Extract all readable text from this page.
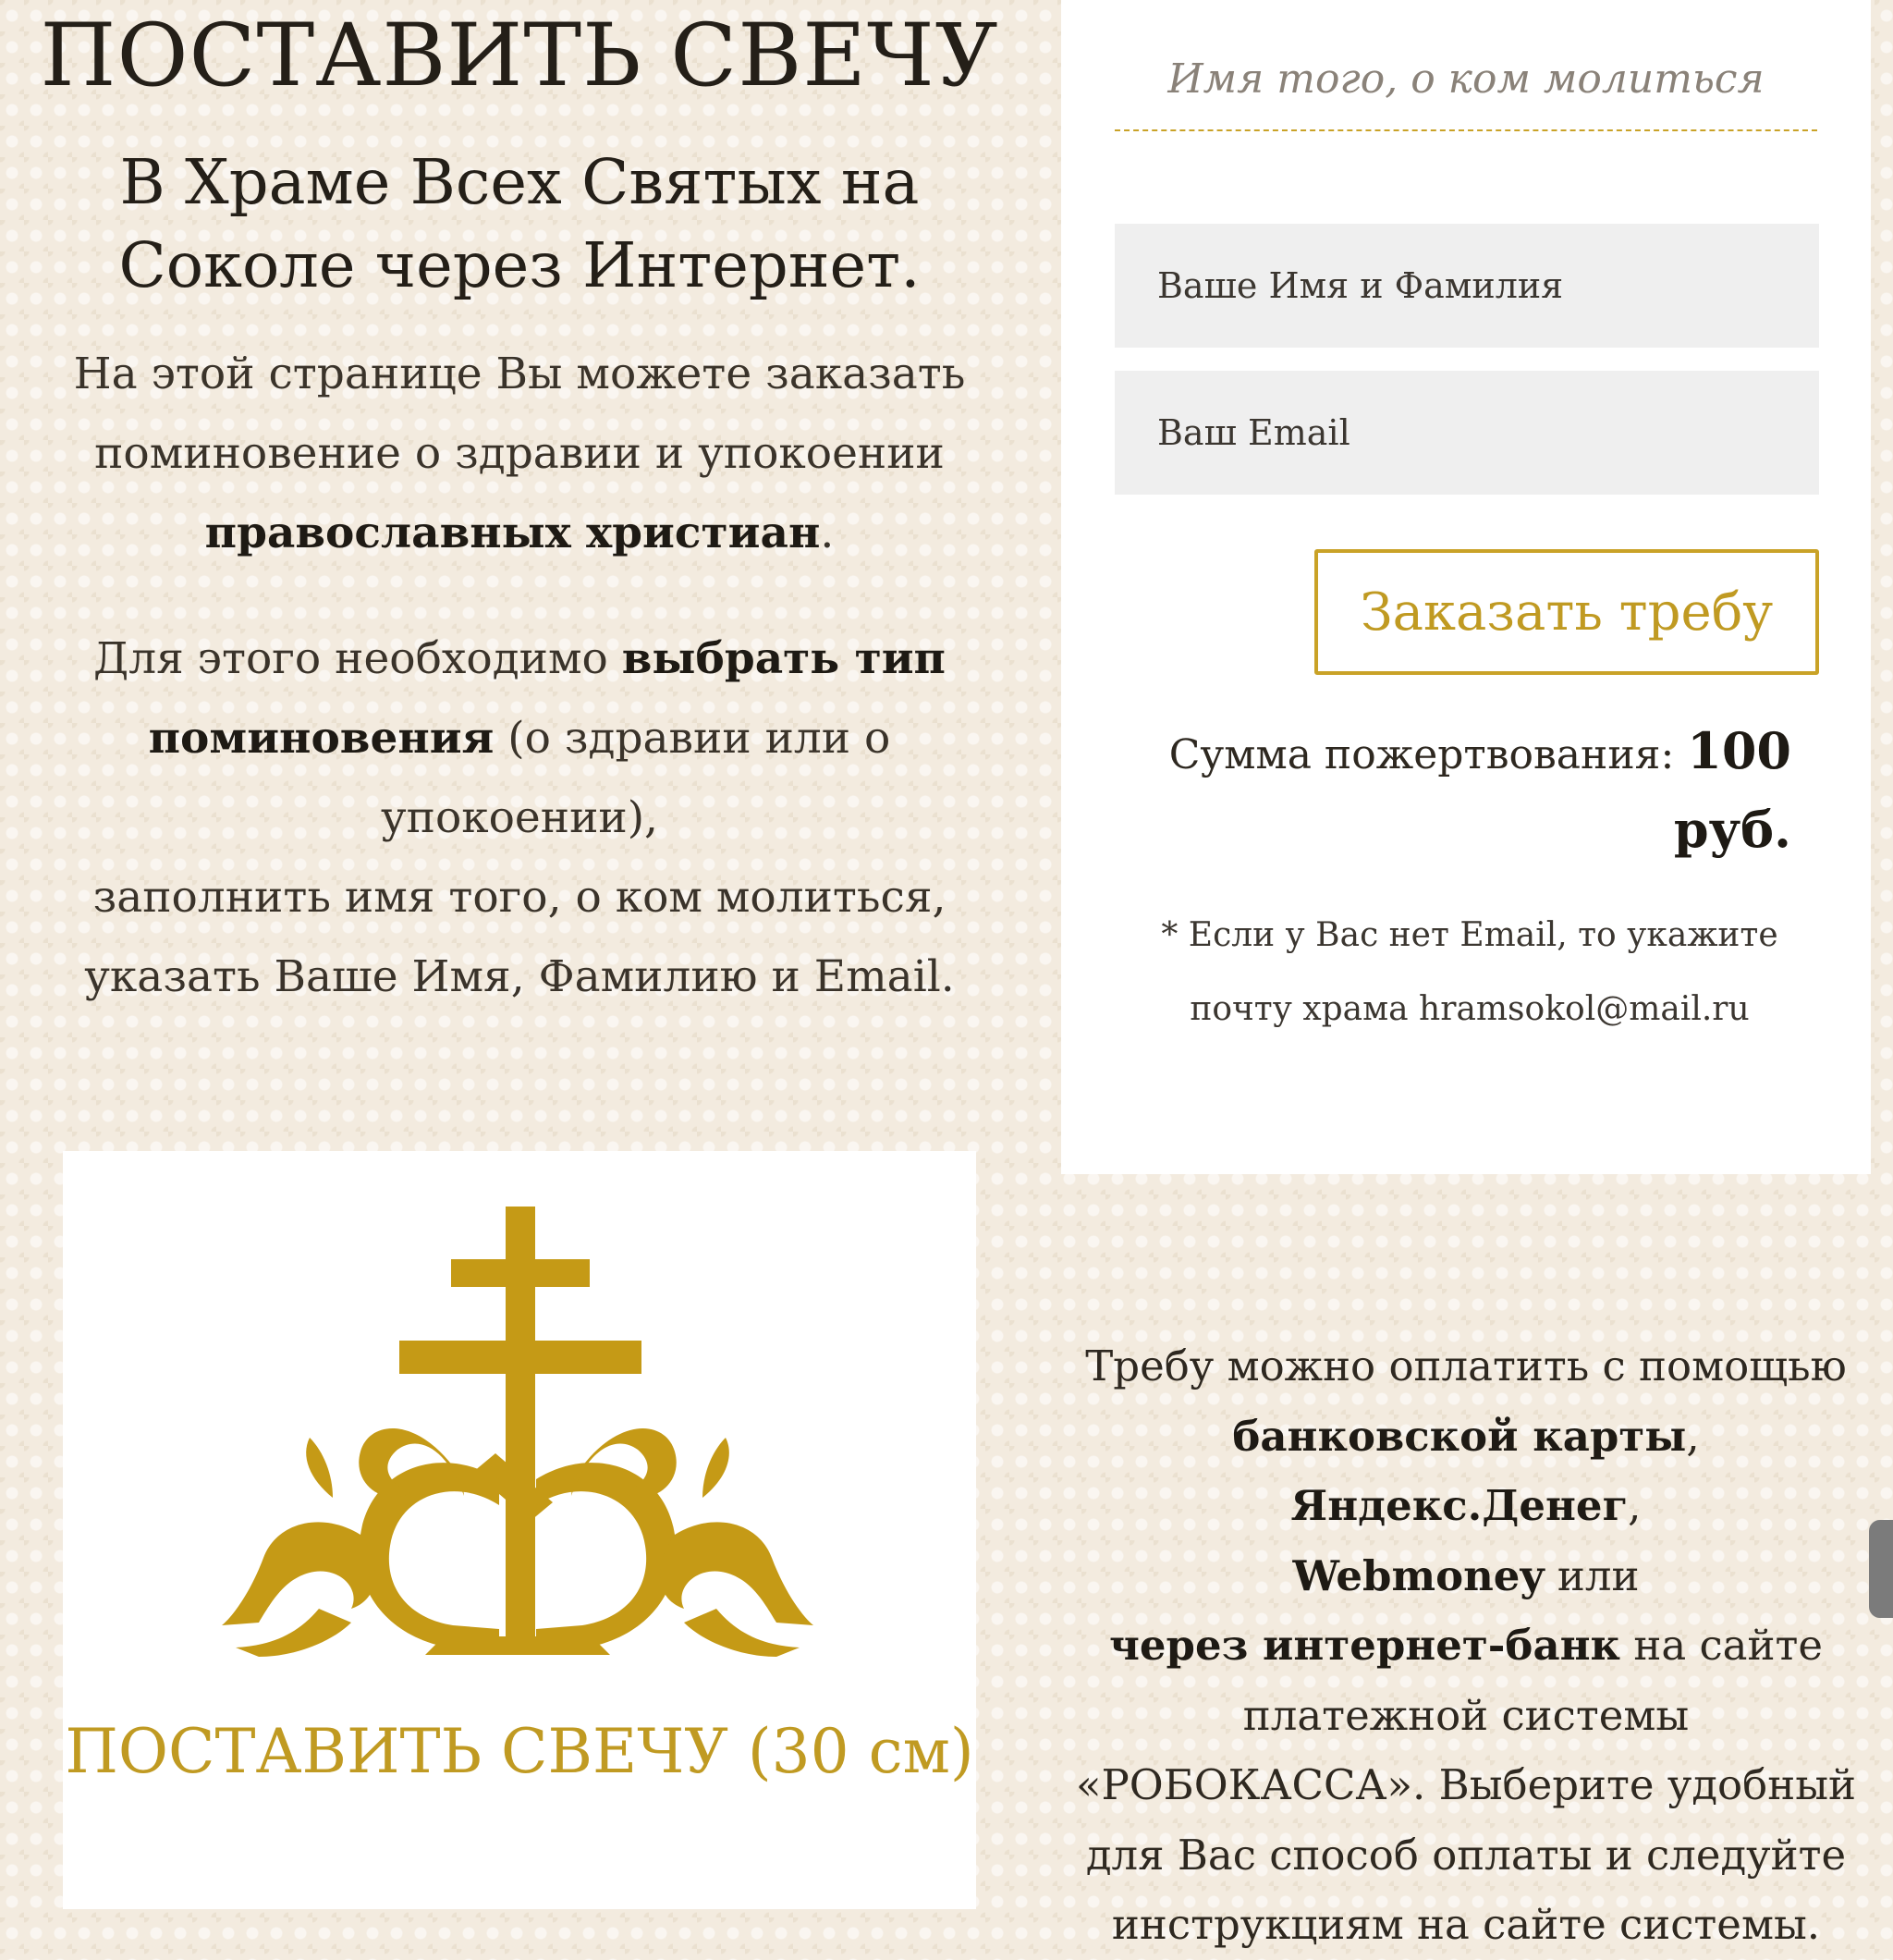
ПОСТАВИТЬ СВЕЧУ
В Храме Всех Святых на Соколе через Интернет.
На этой странице Вы можете заказать поминовение о здравии и упокоении православных христиан.
Для этого необходимо выбрать тип поминовения (о здравии или о упокоении),
заполнить имя того, о ком молиться,
указать Ваше Имя, Фамилию и Email.
Имя того, о ком молиться
Ваше Имя и Фамилия
Ваш Email
Заказать требу
Сумма пожертвования: 100 руб.
* Если у Вас нет Email, то укажите
почту храма hramsokol@mail.ru
ПОСТАВИТЬ СВЕЧУ (30 см)
Требу можно оплатить с помощью банковской карты, Яндекс.Денег,
Webmoney или
через интернет-банк на сайте платежной системы «РОБОКАССА». Выберите удобный для Вас способ оплаты и следуйте инструкциям на сайте системы.
